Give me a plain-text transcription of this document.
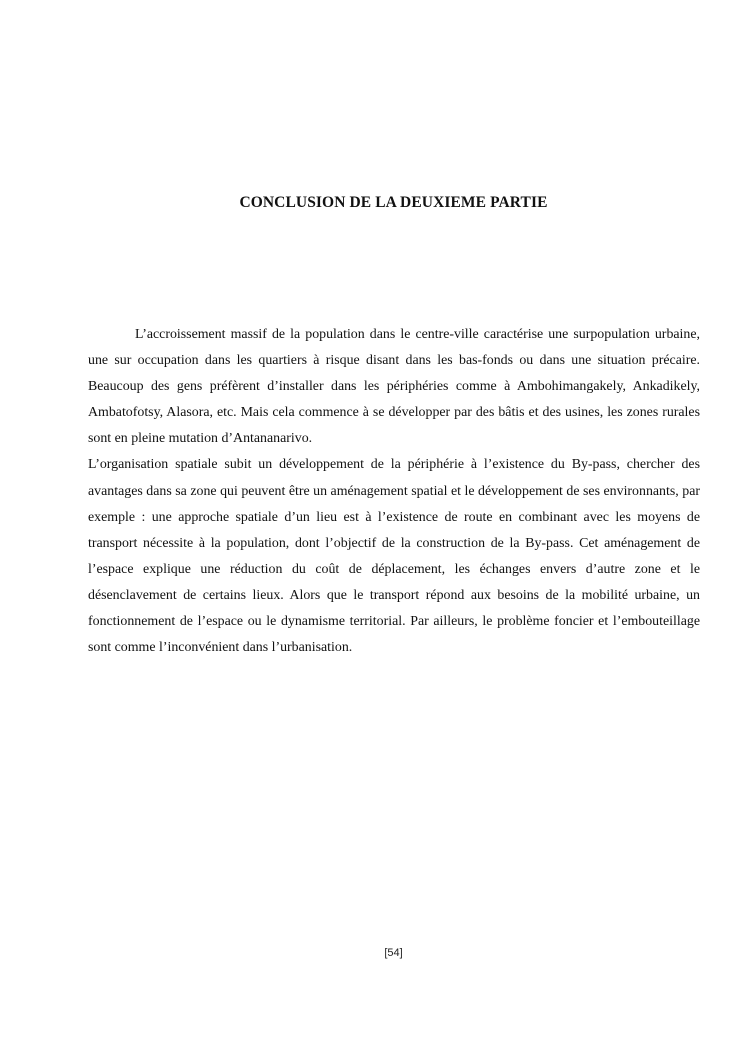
CONCLUSION DE LA DEUXIEME PARTIE

L’accroissement massif de la population dans le centre-ville caractérise une surpopulation urbaine, une sur occupation dans les quartiers à risque disant dans les bas-fonds ou dans une situation précaire. Beaucoup des gens préfèrent d’installer dans les périphéries comme à Ambohimangakely, Ankadikely, Ambatofotsy, Alasora, etc. Mais cela commence à se développer par des bâtis et des usines, les zones rurales sont en pleine mutation d’Antananarivo.

L’organisation spatiale subit un développement de la périphérie à l’existence du By-pass, chercher des avantages dans sa zone qui peuvent être un aménagement spatial et le développement de ses environnants, par exemple : une approche spatiale d’un lieu est à l’existence de route en combinant avec les moyens de transport nécessite à la population, dont l’objectif de la construction de la By-pass. Cet aménagement de l’espace explique une réduction du coût de déplacement, les échanges envers d’autre zone et le désenclavement de certains lieux. Alors que le transport répond aux besoins de la mobilité urbaine, un fonctionnement de l’espace ou le dynamisme territorial. Par ailleurs, le problème foncier et l’embouteillage sont comme l’inconvénient dans l’urbanisation.

[54]
